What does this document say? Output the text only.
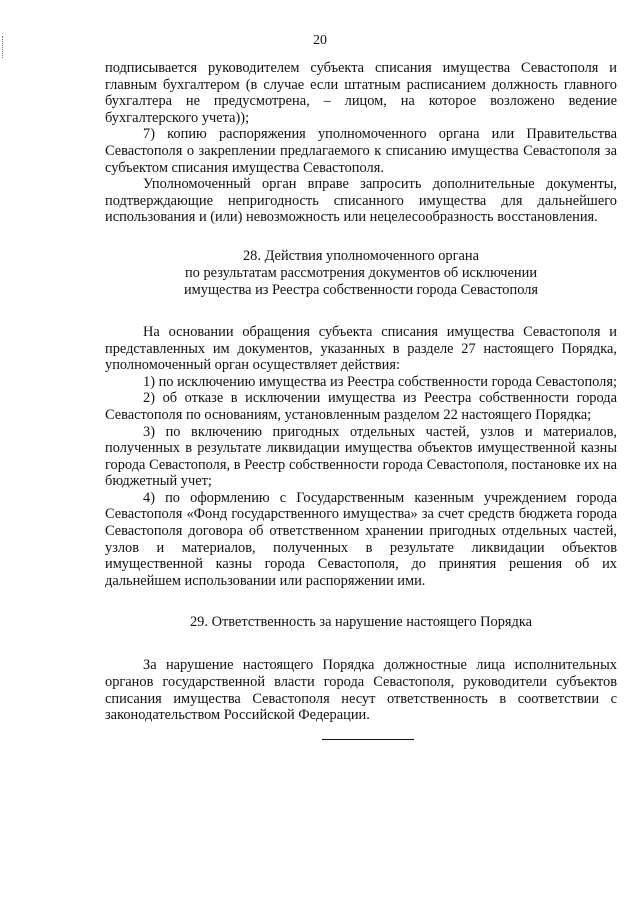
20

подписывается руководителем субъекта списания имущества Севастополя и главным бухгалтером (в случае если штатным расписанием должность главного бухгалтера не предусмотрена, – лицом, на которое возложено ведение бухгалтерского учета));

7) копию распоряжения уполномоченного органа или Правительства Севастополя о закреплении предлагаемого к списанию имущества Севастополя за субъектом списания имущества Севастополя.

Уполномоченный орган вправе запросить дополнительные документы, подтверждающие непригодность списанного имущества для дальнейшего использования и (или) невозможность или нецелесообразность восстановления.

28. Действия уполномоченного органа
по результатам рассмотрения документов об исключении
имущества из Реестра собственности города Севастополя

На основании обращения субъекта списания имущества Севастополя и представленных им документов, указанных в разделе 27 настоящего Порядка, уполномоченный орган осуществляет действия:

1) по исключению имущества из Реестра собственности города Севастополя;

2) об отказе в исключении имущества из Реестра собственности города Севастополя по основаниям, установленным разделом 22 настоящего Порядка;

3) по включению пригодных отдельных частей, узлов и материалов, полученных в результате ликвидации имущества объектов имущественной казны города Севастополя, в Реестр собственности города Севастополя, постановке их на бюджетный учет;

4) по оформлению с Государственным казенным учреждением города Севастополя «Фонд государственного имущества» за счет средств бюджета города Севастополя договора об ответственном хранении пригодных отдельных частей, узлов и материалов, полученных в результате ликвидации объектов имущественной казны города Севастополя, до принятия решения об их дальнейшем использовании или распоряжении ими.

29. Ответственность за нарушение настоящего Порядка

За нарушение настоящего Порядка должностные лица исполнительных органов государственной власти города Севастополя, руководители субъектов списания имущества Севастополя несут ответственность в соответствии с законодательством Российской Федерации.
